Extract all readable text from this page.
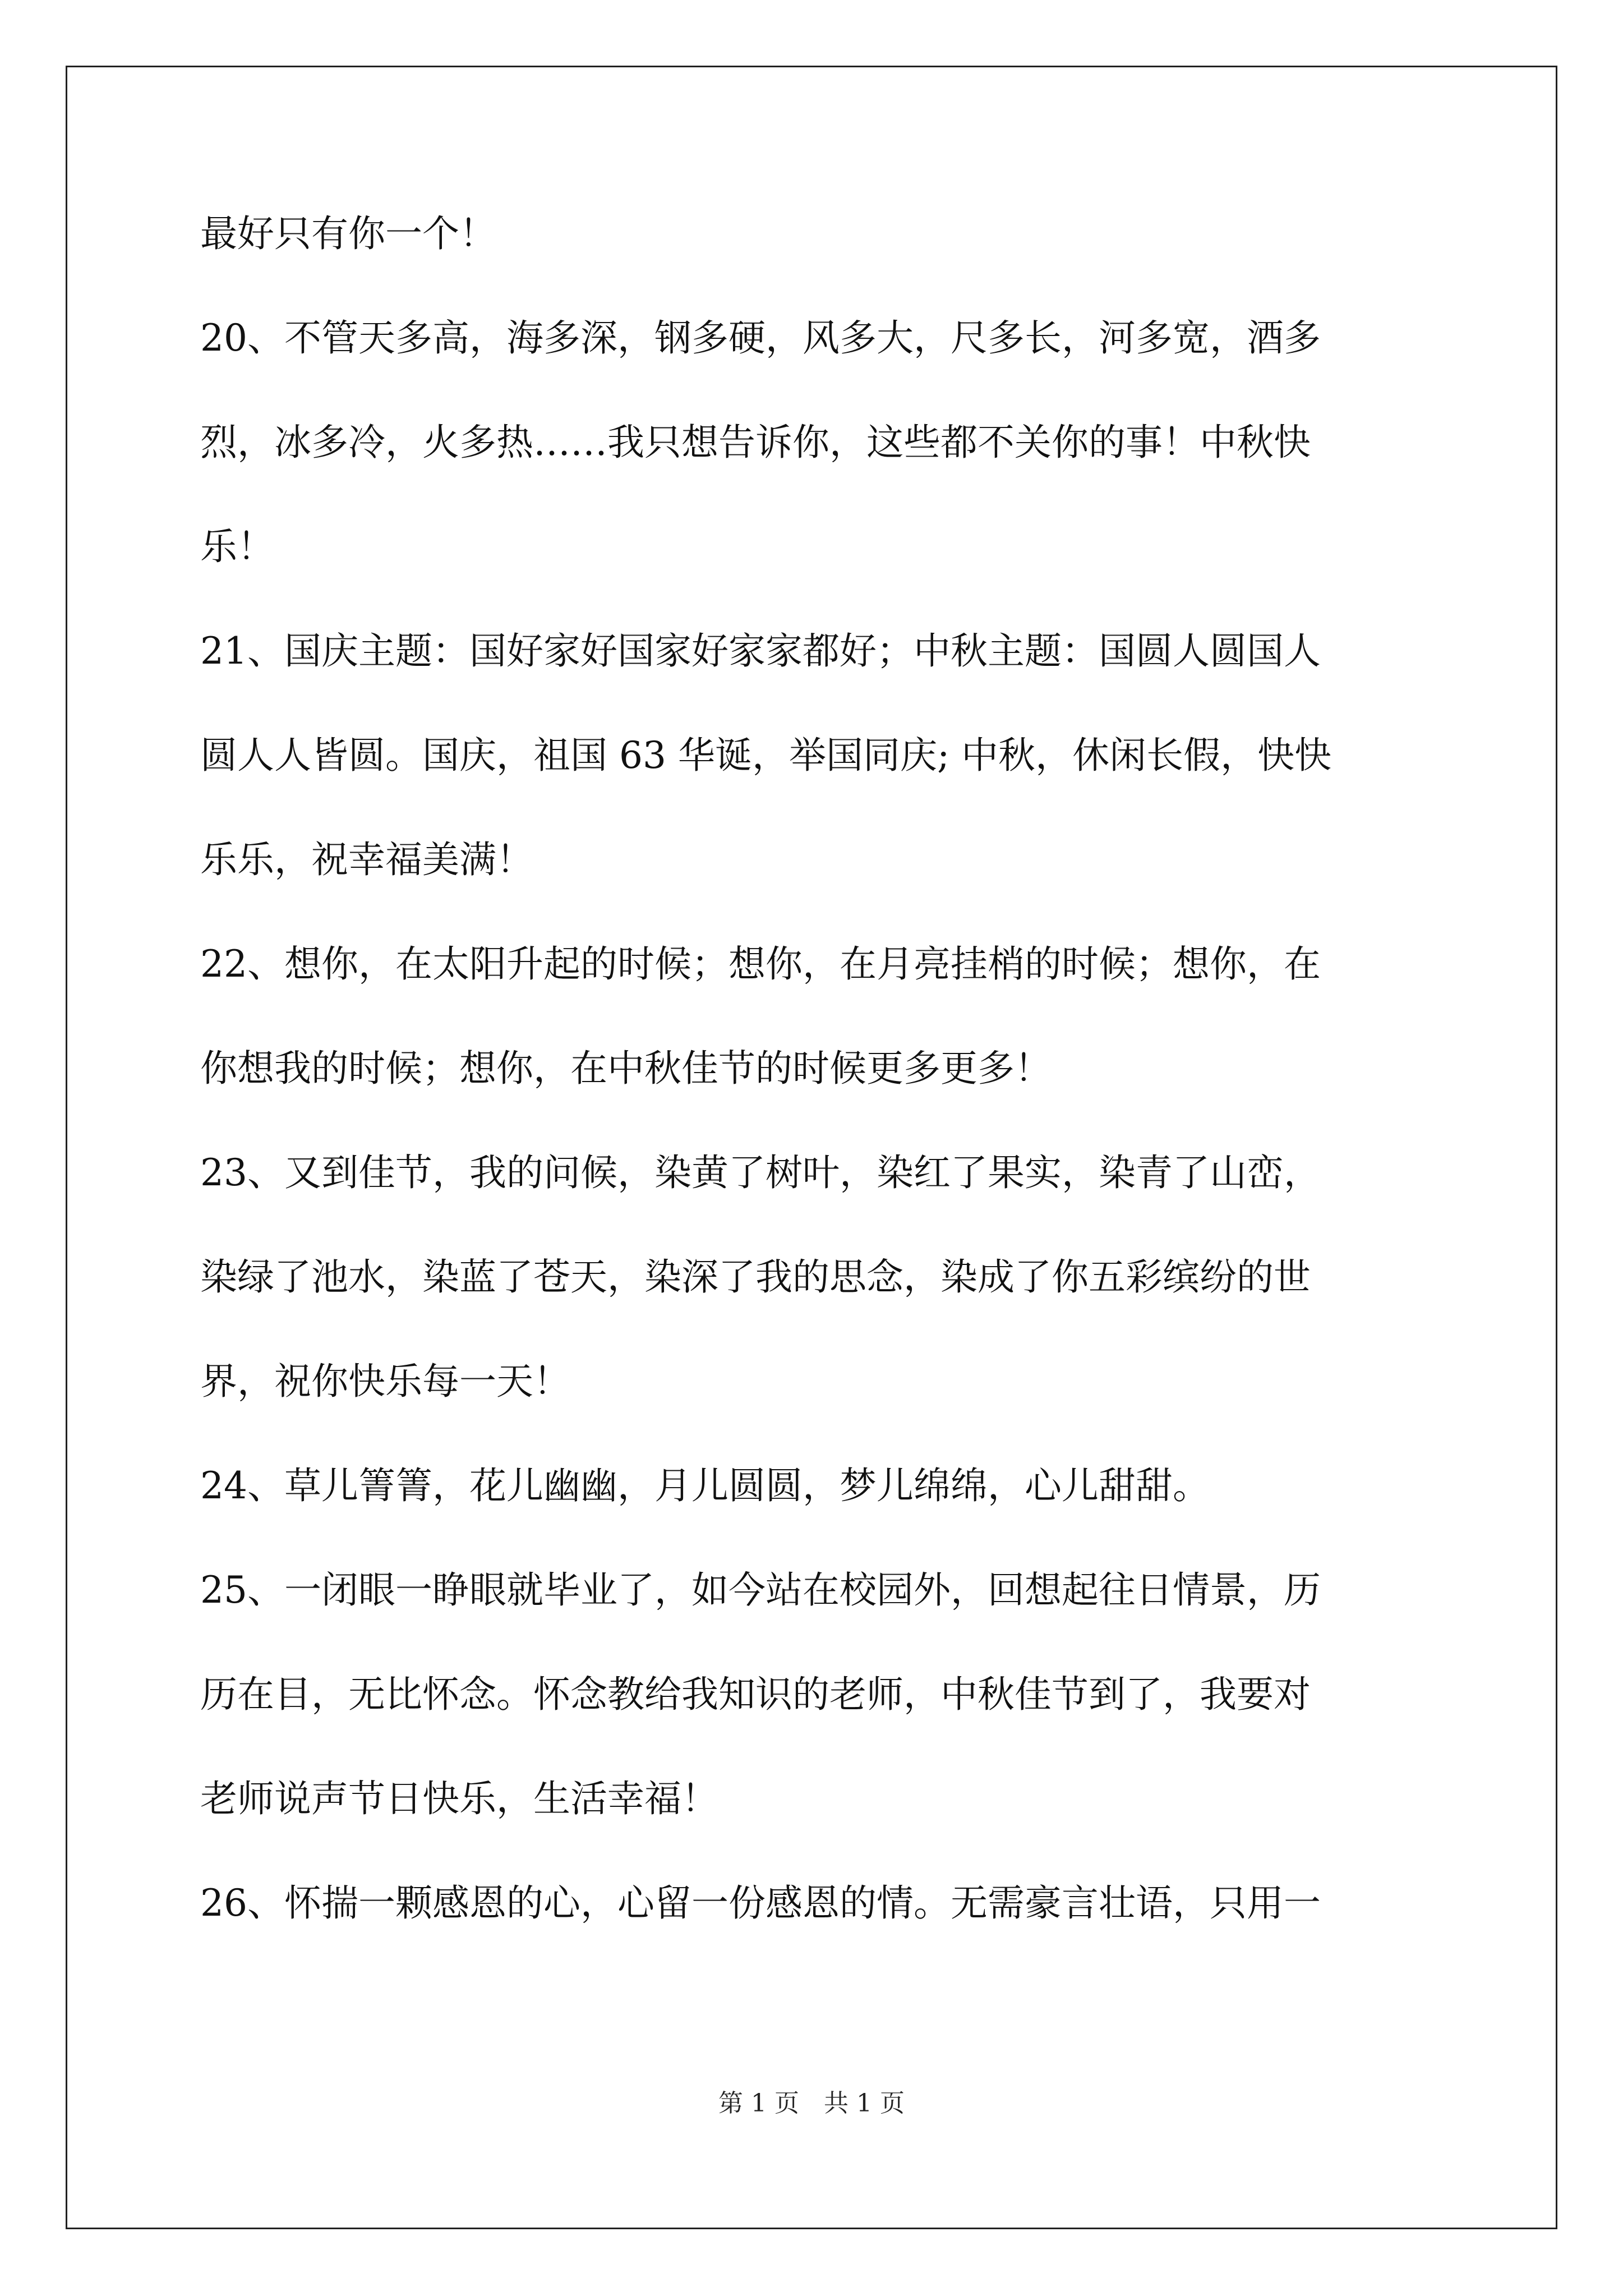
最好只有你一个！

20、不管天多高，海多深，钢多硬，风多大，尺多长，河多宽，酒多

烈，冰多冷，火多热……我只想告诉你，这些都不关你的事！中秋快

乐！

21、国庆主题：国好家好国家好家家都好；中秋主题：国圆人圆国人

圆人人皆圆。国庆，祖国 63 华诞，举国同庆; 中秋，休闲长假，快快

乐乐，祝幸福美满！

22、想你，在太阳升起的时候；想你，在月亮挂梢的时候；想你，在

你想我的时候；想你，在中秋佳节的时候更多更多！

23、又到佳节，我的问候，染黄了树叶，染红了果实，染青了山峦，

染绿了池水，染蓝了苍天，染深了我的思念，染成了你五彩缤纷的世

界，祝你快乐每一天！

24、草儿箐箐，花儿幽幽，月儿圆圆，梦儿绵绵，心儿甜甜。

25、一闭眼一睁眼就毕业了，如今站在校园外，回想起往日情景，历

历在目，无比怀念。怀念教给我知识的老师，中秋佳节到了，我要对

老师说声节日快乐，生活幸福！

26、怀揣一颗感恩的心，心留一份感恩的情。无需豪言壮语，只用一

第 1 页　共 1 页
